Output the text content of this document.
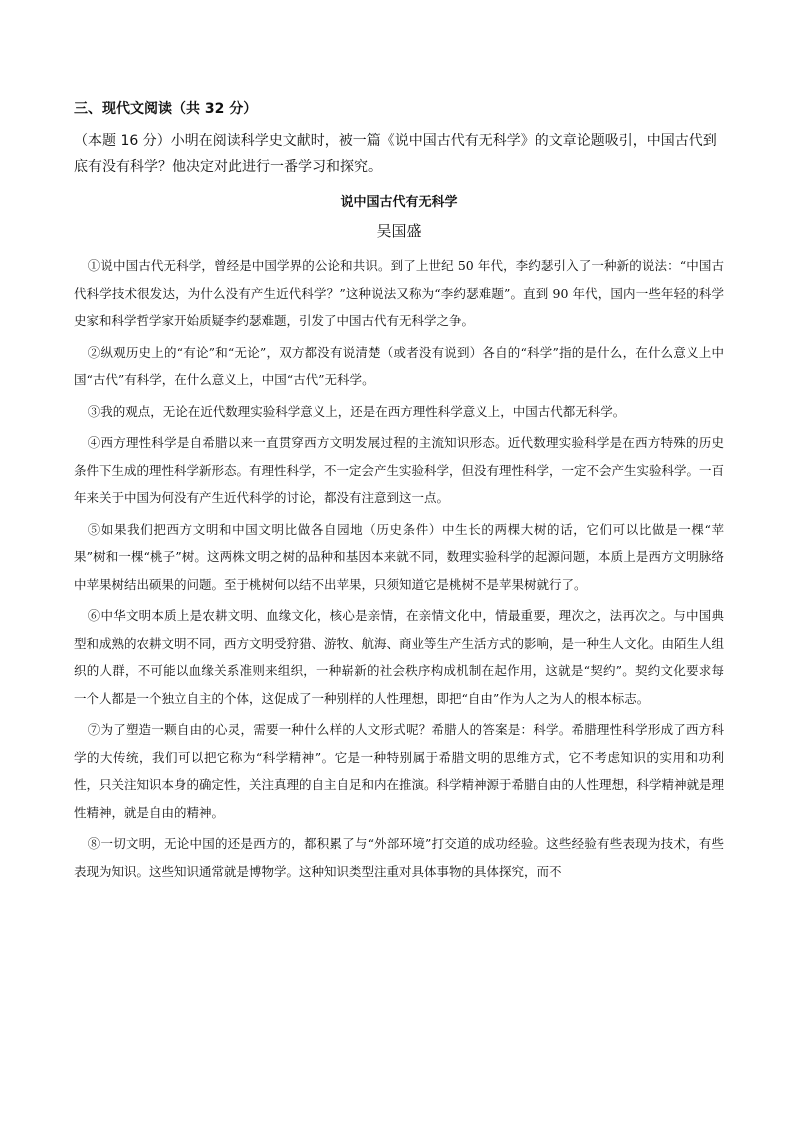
三、现代文阅读（共 32 分）
（本题 16 分）小明在阅读科学史文献时，被一篇《说中国古代有无科学》的文章论题吸引，中国古代到底有没有科学？他决定对此进行一番学习和探究。
说中国古代有无科学
吴国盛

①说中国古代无科学，曾经是中国学界的公论和共识。到了上世纪 50 年代，李约瑟引入了一种新的说法：“中国古代科学技术很发达，为什么没有产生近代科学？”这种说法又称为“李约瑟难题”。直到 90 年代，国内一些年轻的科学史家和科学哲学家开始质疑李约瑟难题，引发了中国古代有无科学之争。

②纵观历史上的“有论”和“无论”，双方都没有说清楚（或者没有说到）各自的“科学”指的是什么，在什么意义上中国“古代”有科学，在什么意义上，中国“古代”无科学。

③我的观点，无论在近代数理实验科学意义上，还是在西方理性科学意义上，中国古代都无科学。

④西方理性科学是自希腊以来一直贯穿西方文明发展过程的主流知识形态。近代数理实验科学是在西方特殊的历史条件下生成的理性科学新形态。有理性科学，不一定会产生实验科学，但没有理性科学，一定不会产生实验科学。一百年来关于中国为何没有产生近代科学的讨论，都没有注意到这一点。

⑤如果我们把西方文明和中国文明比做各自园地（历史条件）中生长的两棵大树的话，它们可以比做是一棵“苹果”树和一棵“桃子”树。这两株文明之树的品种和基因本来就不同，数理实验科学的起源问题，本质上是西方文明脉络中苹果树结出硕果的问题。至于桃树何以结不出苹果，只须知道它是桃树不是苹果树就行了。

⑥中华文明本质上是农耕文明、血缘文化，核心是亲情，在亲情文化中，情最重要，理次之，法再次之。与中国典型和成熟的农耕文明不同，西方文明受狩猎、游牧、航海、商业等生产生活方式的影响，是一种生人文化。由陌生人组织的人群，不可能以血缘关系准则来组织，一种崭新的社会秩序构成机制在起作用，这就是“契约”。契约文化要求每一个人都是一个独立自主的个体，这促成了一种别样的人性理想，即把“自由”作为人之为人的根本标志。

⑦为了塑造一颗自由的心灵，需要一种什么样的人文形式呢？希腊人的答案是：科学。希腊理性科学形成了西方科学的大传统，我们可以把它称为“科学精神”。它是一种特别属于希腊文明的思维方式，它不考虑知识的实用和功利性，只关注知识本身的确定性，关注真理的自主自足和内在推演。科学精神源于希腊自由的人性理想，科学精神就是理性精神，就是自由的精神。

⑧一切文明，无论中国的还是西方的，都积累了与“外部环境”打交道的成功经验。这些经验有些表现为技术，有些表现为知识。这些知识通常就是博物学。这种知识类型注重对具体事物的具体探究，而不
